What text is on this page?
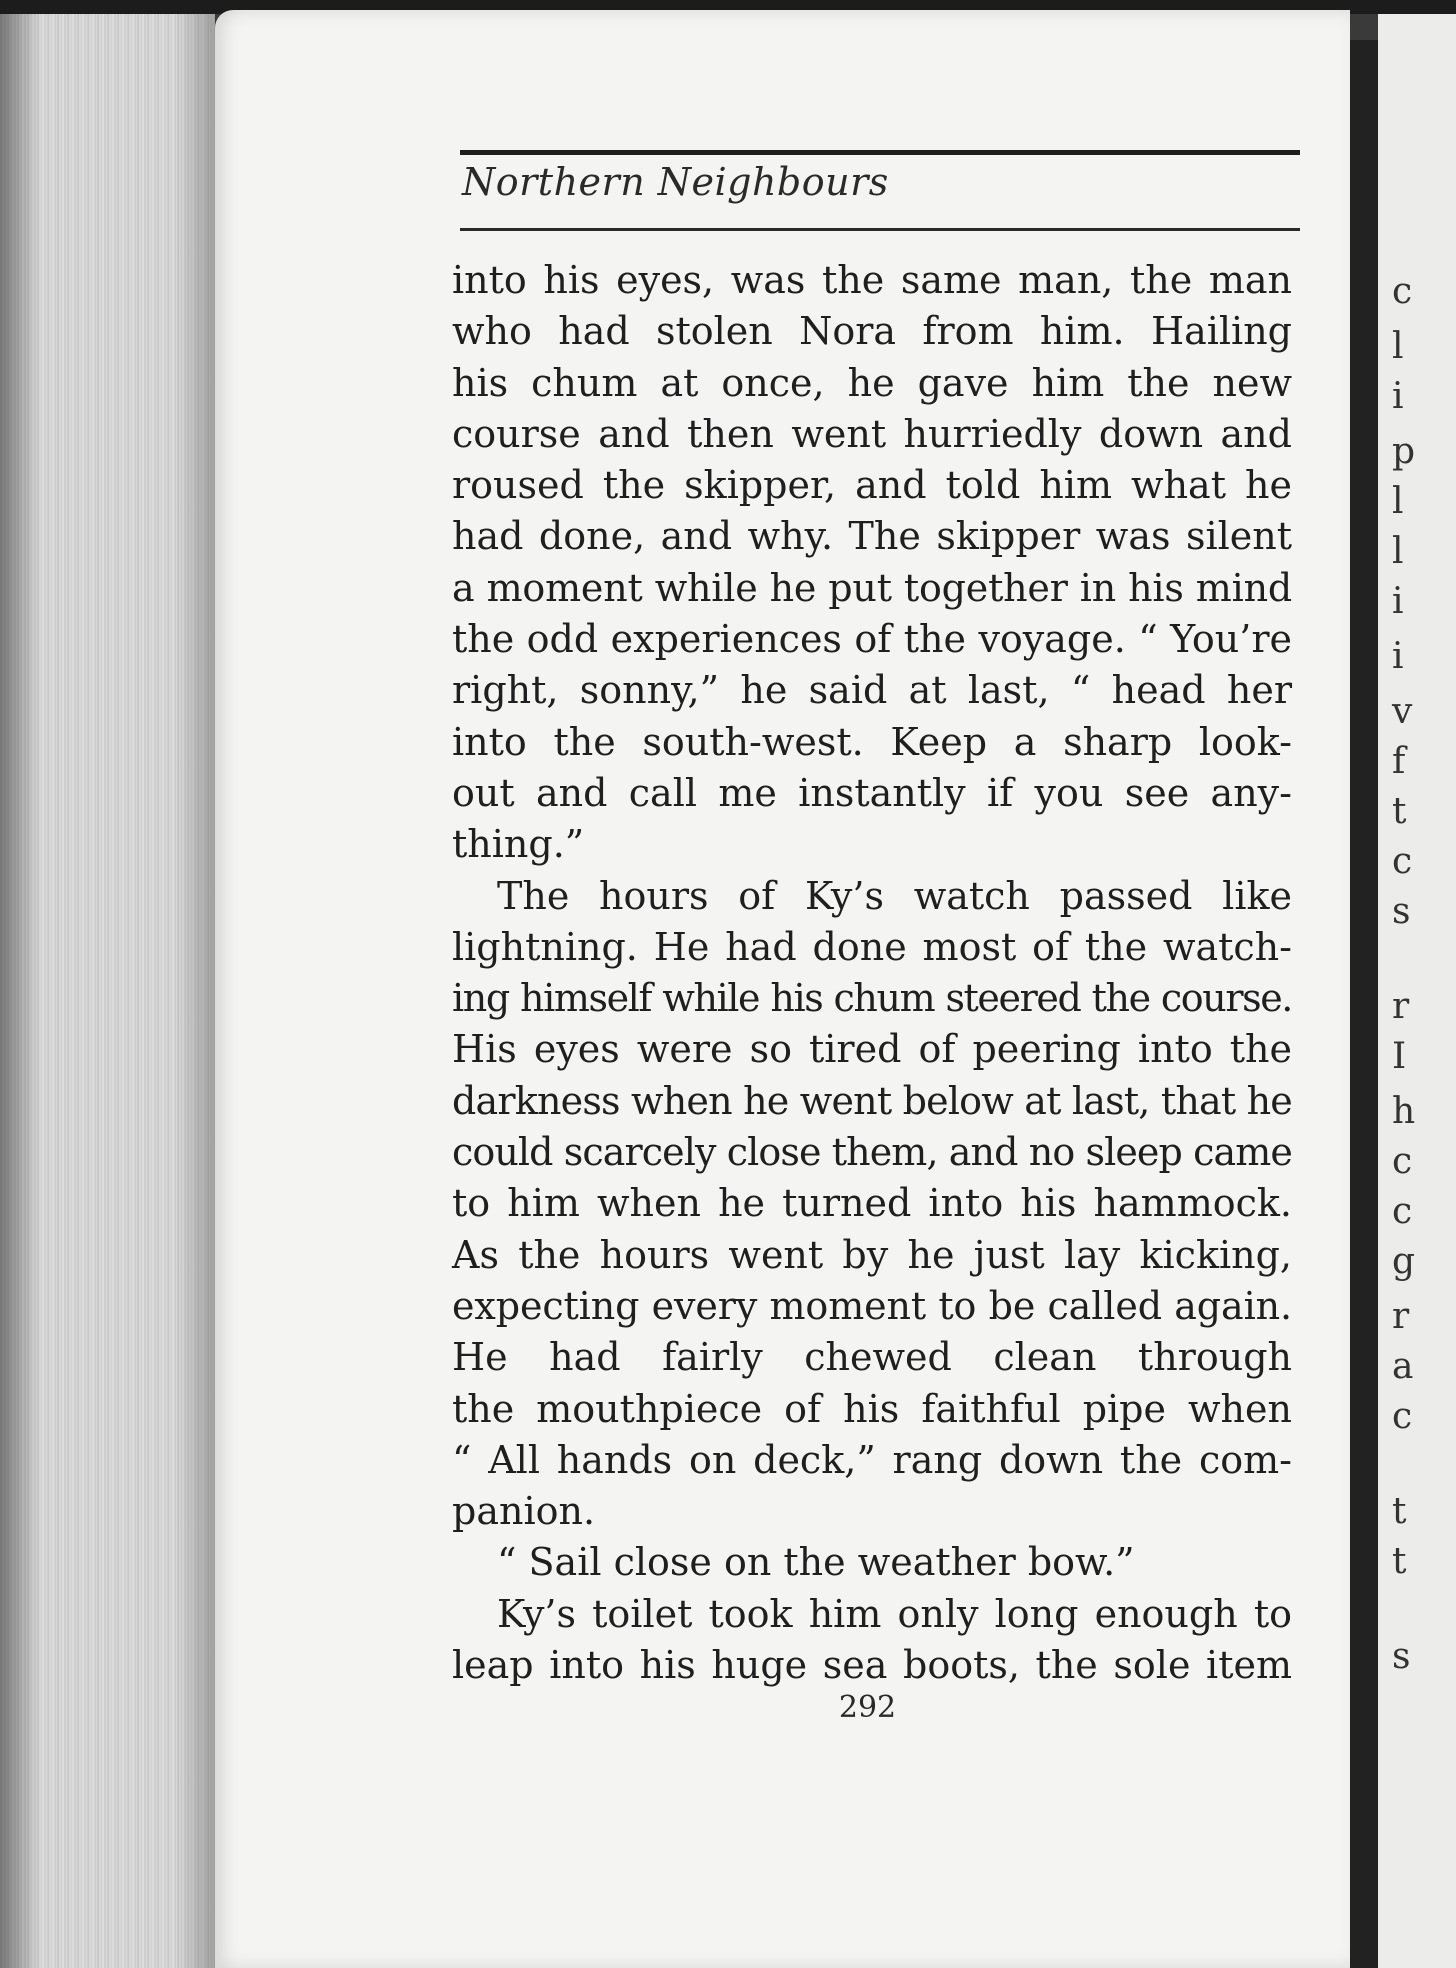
Northern Neighbours
into his eyes, was the same man, the man
who had stolen Nora from him. Hailing
his chum at once, he gave him the new
course and then went hurriedly down and
roused the skipper, and told him what he
had done, and why. The skipper was silent
a moment while he put together in his mind
the odd experiences of the voyage. “ You’re
right, sonny,” he said at last, “ head her
into the south-west. Keep a sharp look-
out and call me instantly if you see any-
thing.”
The hours of Ky’s watch passed like
lightning. He had done most of the watch-
ing himself while his chum steered the course.
His eyes were so tired of peering into the
darkness when he went below at last, that he
could scarcely close them, and no sleep came
to him when he turned into his hammock.
As the hours went by he just lay kicking,
expecting every moment to be called again.
He had fairly chewed clean through
the mouthpiece of his faithful pipe when
“ All hands on deck,” rang down the com-
panion.
“ Sail close on the weather bow.”
Ky’s toilet took him only long enough to
leap into his huge sea boots, the sole item
292
c
l
i
p
l
l
i
i
v
f
t
c
s
r
I
h
c
c
g
r
a
c
t
t
s
